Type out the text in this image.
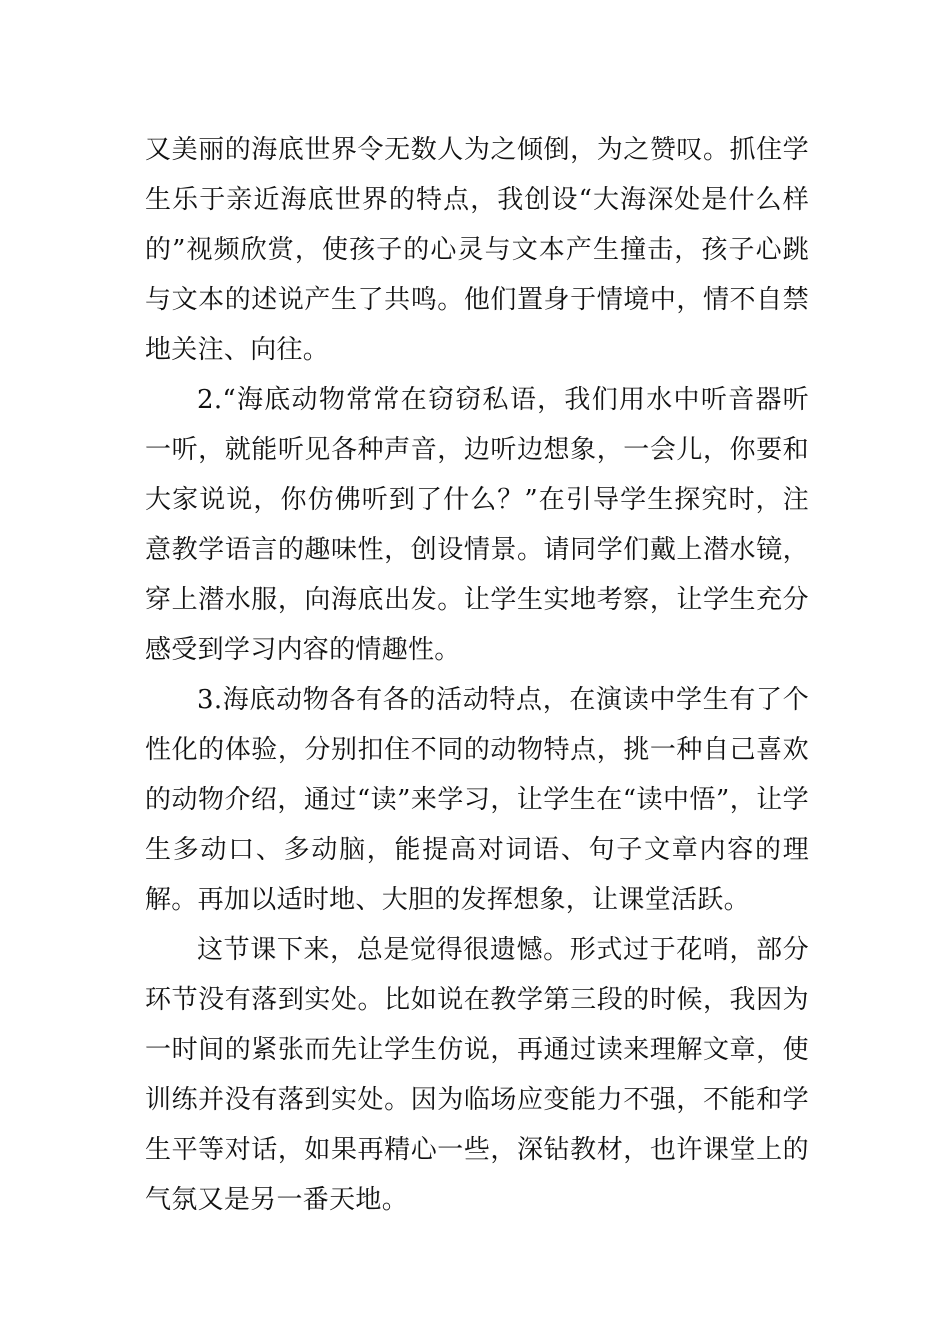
又美丽的海底世界令无数人为之倾倒，为之赞叹。抓住学生乐于亲近海底世界的特点，我创设“大海深处是什么样的”视频欣赏，使孩子的心灵与文本产生撞击，孩子心跳与文本的述说产生了共鸣。他们置身于情境中，情不自禁地关注、向往。

2.“海底动物常常在窃窃私语，我们用水中听音器听一听，就能听见各种声音，边听边想象，一会儿，你要和大家说说，你仿佛听到了什么？”在引导学生探究时，注意教学语言的趣味性，创设情景。请同学们戴上潜水镜，穿上潜水服，向海底出发。让学生实地考察，让学生充分感受到学习内容的情趣性。

3.海底动物各有各的活动特点，在演读中学生有了个性化的体验，分别扣住不同的动物特点，挑一种自己喜欢的动物介绍，通过“读”来学习，让学生在“读中悟”，让学生多动口、多动脑，能提高对词语、句子文章内容的理解。再加以适时地、大胆的发挥想象，让课堂活跃。

这节课下来，总是觉得很遗憾。形式过于花哨，部分环节没有落到实处。比如说在教学第三段的时候，我因为一时间的紧张而先让学生仿说，再通过读来理解文章，使训练并没有落到实处。因为临场应变能力不强，不能和学生平等对话，如果再精心一些，深钻教材，也许课堂上的气氛又是另一番天地。
